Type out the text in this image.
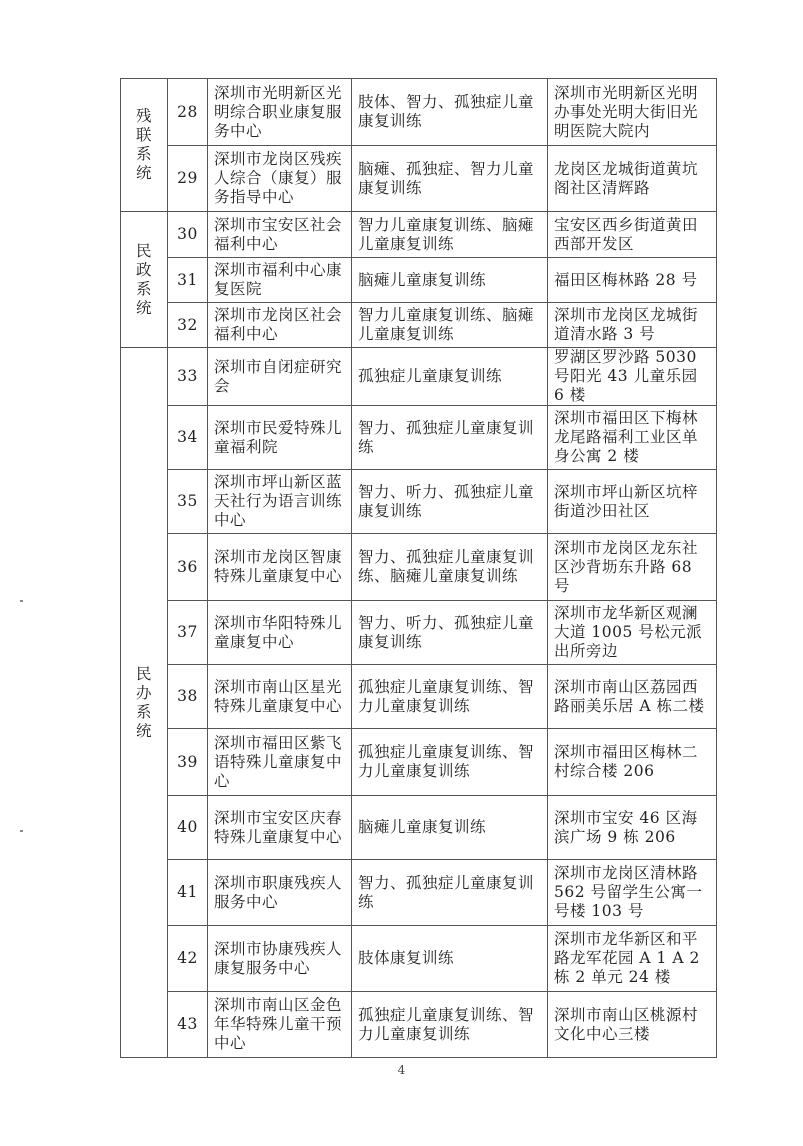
残联系统	28	深圳市光明新区光明综合职业康复服务中心	肢体、智力、孤独症儿童康复训练	深圳市光明新区光明办事处光明大街旧光明医院大院内
	29	深圳市龙岗区残疾人综合（康复）服务指导中心	脑瘫、孤独症、智力儿童康复训练	龙岗区龙城街道黄坑阁社区清辉路
民政系统	30	深圳市宝安区社会福利中心	智力儿童康复训练、脑瘫儿童康复训练	宝安区西乡街道黄田西部开发区
	31	深圳市福利中心康复医院	脑瘫儿童康复训练	福田区梅林路 28 号
	32	深圳市龙岗区社会福利中心	智力儿童康复训练、脑瘫儿童康复训练	深圳市龙岗区龙城街道清水路 3 号
民办系统	33	深圳市自闭症研究会	孤独症儿童康复训练	罗湖区罗沙路 5030 号阳光 43 儿童乐园 6 楼
	34	深圳市民爱特殊儿童福利院	智力、孤独症儿童康复训练	深圳市福田区下梅林龙尾路福利工业区单身公寓 2 楼
	35	深圳市坪山新区蓝天社行为语言训练中心	智力、听力、孤独症儿童康复训练	深圳市坪山新区坑梓街道沙田社区
	36	深圳市龙岗区智康特殊儿童康复中心	智力、孤独症儿童康复训练、脑瘫儿童康复训练	深圳市龙岗区龙东社区沙背坜东升路 68 号
	37	深圳市华阳特殊儿童康复中心	智力、听力、孤独症儿童康复训练	深圳市龙华新区观澜大道 1005 号松元派出所旁边
	38	深圳市南山区星光特殊儿童康复中心	孤独症儿童康复训练、智力儿童康复训练	深圳市南山区荔园西路丽美乐居 A 栋二楼
	39	深圳市福田区紫飞语特殊儿童康复中心	孤独症儿童康复训练、智力儿童康复训练	深圳市福田区梅林二村综合楼 206
	40	深圳市宝安区庆春特殊儿童康复中心	脑瘫儿童康复训练	深圳市宝安 46 区海滨广场 9 栋 206
	41	深圳市职康残疾人服务中心	智力、孤独症儿童康复训练	深圳市龙岗区清林路 562 号留学生公寓一号楼 103 号
	42	深圳市协康残疾人康复服务中心	肢体康复训练	深圳市龙华新区和平路龙军花园 A 1 A 2 栋 2 单元 24 楼
	43	深圳市南山区金色年华特殊儿童干预中心	孤独症儿童康复训练、智力儿童康复训练	深圳市南山区桃源村文化中心三楼
4
